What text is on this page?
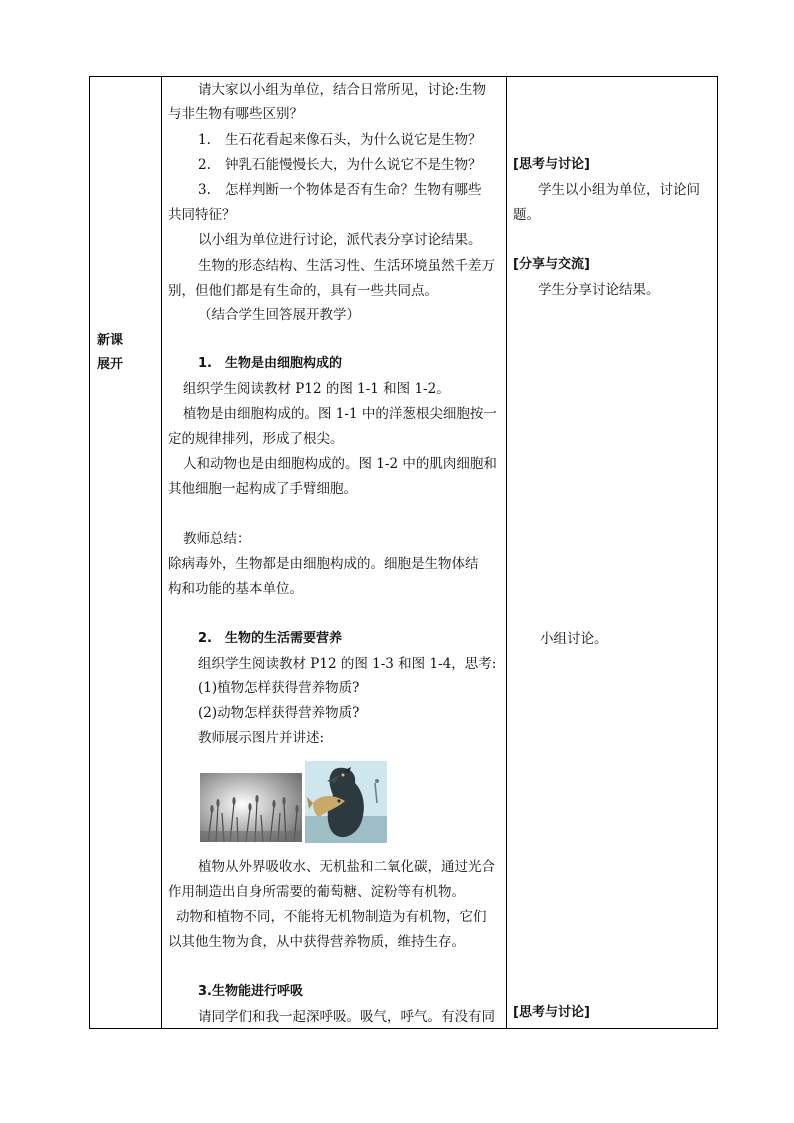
新课
展开
请大家以小组为单位，结合日常所见，讨论:生物
与非生物有哪些区别？
1. 生石花看起来像石头，为什么说它是生物？
2. 钟乳石能慢慢长大，为什么说它不是生物？
3. 怎样判断一个物体是否有生命？生物有哪些
共同特征？
以小组为单位进行讨论，派代表分享讨论结果。
生物的形态结构、生活习性、生活环境虽然千差万
别，但他们都是有生命的，具有一些共同点。
（结合学生回答展开教学）
1. 生物是由细胞构成的
组织学生阅读教材 P12 的图 1-1 和图 1-2。
植物是由细胞构成的。图 1-1 中的洋葱根尖细胞按一
定的规律排列，形成了根尖。
人和动物也是由细胞构成的。图 1-2 中的肌肉细胞和
其他细胞一起构成了手臂细胞。
教师总结：
除病毒外，生物都是由细胞构成的。细胞是生物体结
构和功能的基本单位。
2. 生物的生活需要营养
组织学生阅读教材 P12 的图 1-3 和图 1-4，思考:
(1)植物怎样获得营养物质?
(2)动物怎样获得营养物质?
教师展示图片并讲述:
植物从外界吸收水、无机盐和二氧化碳，通过光合
作用制造出自身所需要的葡萄糖、淀粉等有机物。
动物和植物不同，不能将无机物制造为有机物，它们
以其他生物为食，从中获得营养物质，维持生存。
3.生物能进行呼吸
请同学们和我一起深呼吸。吸气，呼气。有没有同
[思考与讨论]
学生以小组为单位，讨论问
题。
[分享与交流]
学生分享讨论结果。
小组讨论。
[思考与讨论]
